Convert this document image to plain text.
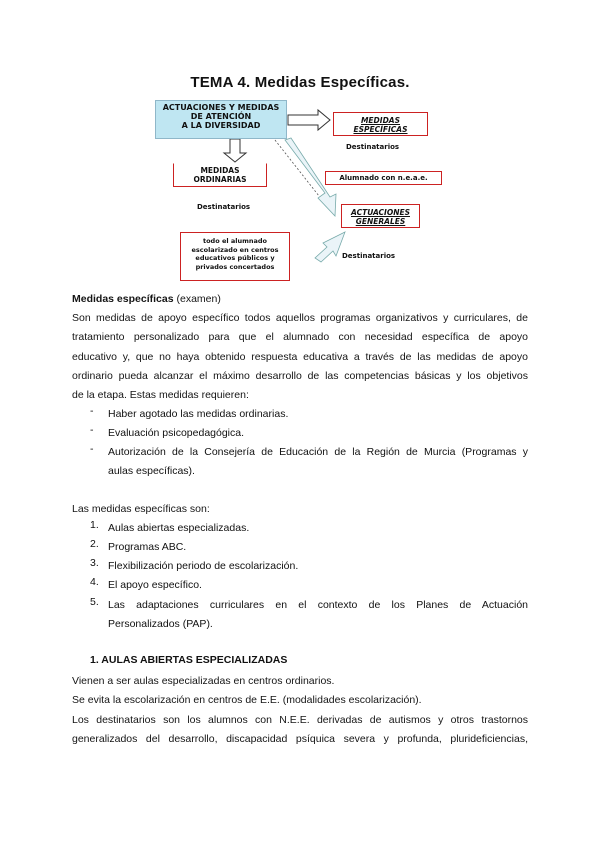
TEMA 4. Medidas Específicas.
ACTUACIONES Y MEDIDAS
DE ATENCIÓN
A LA DIVERSIDAD
MEDIDAS
ESPECÍFICAS
Destinatarios
Alumnado con n.e.a.e.
MEDIDAS
ORDINARIAS
ACTUACIONES
GENERALES
Destinatarios
Destinatarios
todo el alumnado
escolarizado en centros
educativos públicos y
privados concertados
Medidas específicas (examen)
Son medidas de apoyo específico todos aquellos programas organizativos y curriculares, de
tratamiento personalizado para que el alumnado con necesidad específica de apoyo
educativo y, que no haya obtenido respuesta educativa a través de las medidas de apoyo
ordinario pueda alcanzar el máximo desarrollo de las competencias básicas y los objetivos
de la etapa. Estas medidas requieren:
- Haber agotado las medidas ordinarias.
- Evaluación psicopedagógica.
- Autorización de la Consejería de Educación de la Región de Murcia (Programas y
aulas específicas).
Las medidas específicas son:
1. Aulas abiertas especializadas.
2. Programas ABC.
3. Flexibilización periodo de escolarización.
4. El apoyo específico.
5. Las adaptaciones curriculares en el contexto de los Planes de Actuación
Personalizados (PAP).
1. AULAS ABIERTAS ESPECIALIZADAS
Vienen a ser aulas especializadas en centros ordinarios.
Se evita la escolarización en centros de E.E. (modalidades escolarización).
Los destinatarios son los alumnos con N.E.E. derivadas de autismos y otros trastornos
generalizados del desarrollo, discapacidad psíquica severa y profunda, plurideficiencias,
